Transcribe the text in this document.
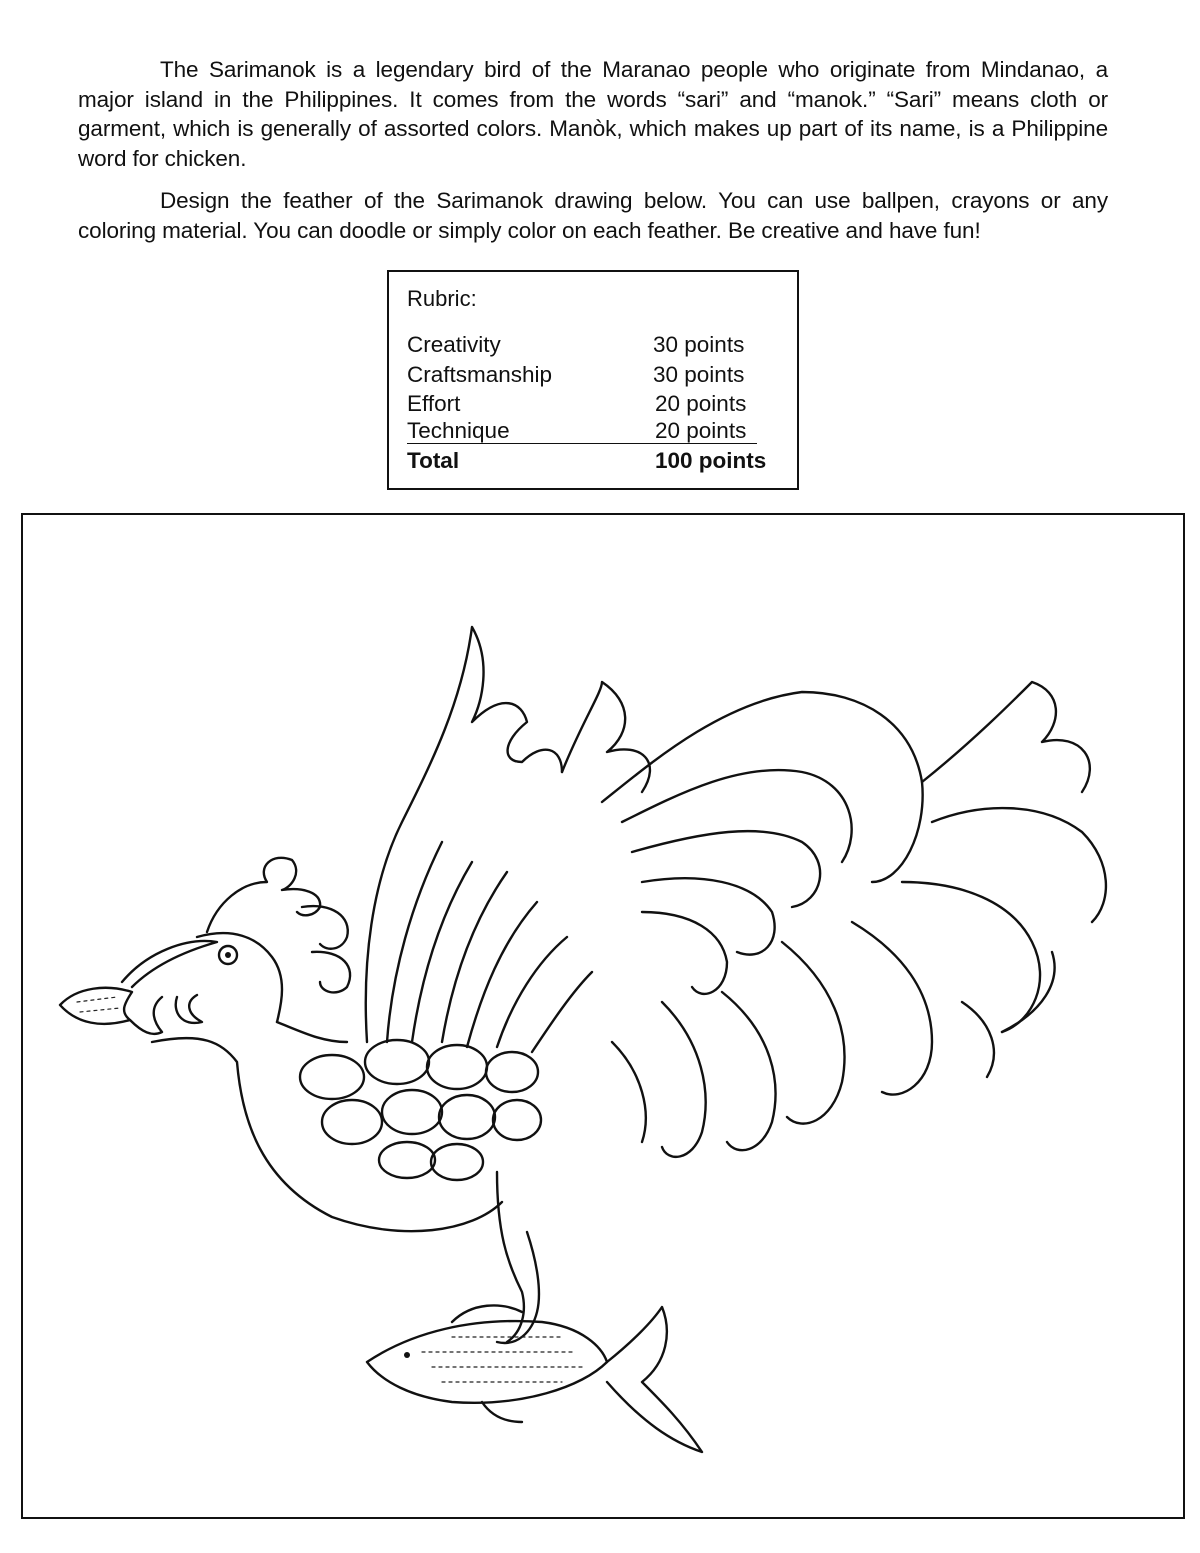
The Sarimanok is a legendary bird of the Maranao people who originate from Mindanao, a major island in the Philippines. It comes from the words “sari” and “manok.” “Sari” means cloth or garment, which is generally of assorted colors. Manòk, which makes up part of its name, is a Philippine word for chicken.

Design the feather of the Sarimanok drawing below. You can use ballpen, crayons or any coloring material. You can doodle or simply color on each feather. Be creative and have fun!

Rubric:
Creativity	30 points
Craftsmanship	30 points
Effort	20 points
Technique	20 points
Total	100 points
